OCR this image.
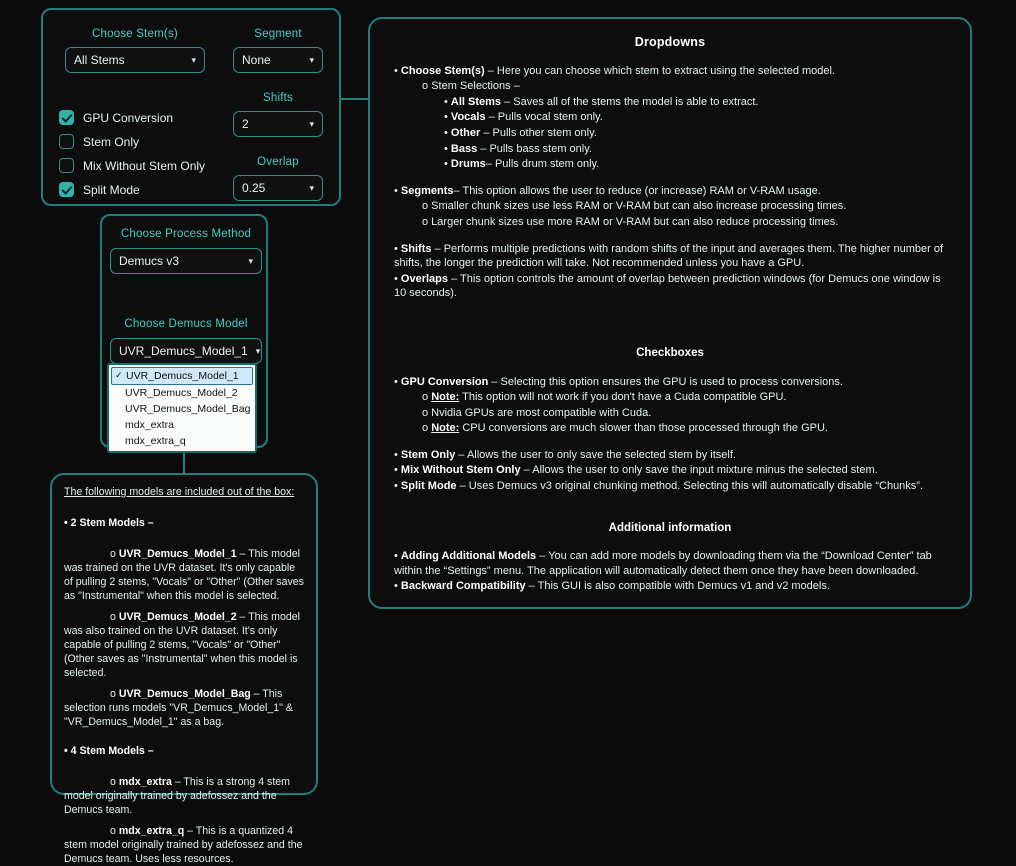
Choose Stem(s)
All Stems	▾
Segment
None	▾
Shifts
2	▾
Overlap
0.25	▾
GPU Conversion
Stem Only
Mix Without Stem Only
Split Mode
Choose Process Method
Demucs v3	▾
Choose Demucs Model
UVR_Demucs_Model_1 ▾
✓ UVR_Demucs_Model_1
UVR_Demucs_Model_2
UVR_Demucs_Model_Bag
mdx_extra
mdx_extra_q

The following models are included out of the box:

• 2 Stem Models –

o UVR_Demucs_Model_1 – This model was trained on the UVR dataset. It's only capable of pulling 2 stems, "Vocals" or "Other" (Other saves as "Instrumental" when this model is selected.

o UVR_Demucs_Model_2 – This model was also trained on the UVR dataset. It's only capable of pulling 2 stems, "Vocals" or "Other" (Other saves as "Instrumental" when this model is selected.

o UVR_Demucs_Model_Bag – This selection runs models "VR_Demucs_Model_1" & "VR_Demucs_Model_1" as a bag.

• 4 Stem Models –

o mdx_extra – This is a strong 4 stem model originally trained by adefossez and the Demucs team.

o mdx_extra_q – This is a quantized 4 stem model originally trained by adefossez and the Demucs team. Uses less resources.

Dropdowns

• Choose Stem(s) – Here you can choose which stem to extract using the selected model.

o Stem Selections –

• All Stems – Saves all of the stems the model is able to extract.

• Vocals – Pulls vocal stem only.

• Other – Pulls other stem only.

• Bass – Pulls bass stem only.

• Drums– Pulls drum stem only.

• Segments– This option allows the user to reduce (or increase) RAM or V-RAM usage.

o Smaller chunk sizes use less RAM or V-RAM but can also increase processing times.

o Larger chunk sizes use more RAM or V-RAM but can also reduce processing times.

• Shifts – Performs multiple predictions with random shifts of the input and averages them. The higher number of shifts, the longer the prediction will take. Not recommended unless you have a GPU.

• Overlaps – This option controls the amount of overlap between prediction windows (for Demucs one window is 10 seconds).

Checkboxes

• GPU Conversion – Selecting this option ensures the GPU is used to process conversions.

o Note: This option will not work if you don't have a Cuda compatible GPU.

o Nvidia GPUs are most compatible with Cuda.

o Note: CPU conversions are much slower than those processed through the GPU.

• Stem Only – Allows the user to only save the selected stem by itself.

• Mix Without Stem Only – Allows the user to only save the input mixture minus the selected stem.

• Split Mode – Uses Demucs v3 original chunking method. Selecting this will automatically disable “Chunks”.

Additional information

• Adding Additional Models – You can add more models by downloading them via the “Download Center” tab within the “Settings” menu. The application will automatically detect them once they have been downloaded.

• Backward Compatibility – This GUI is also compatible with Demucs v1 and v2 models.
